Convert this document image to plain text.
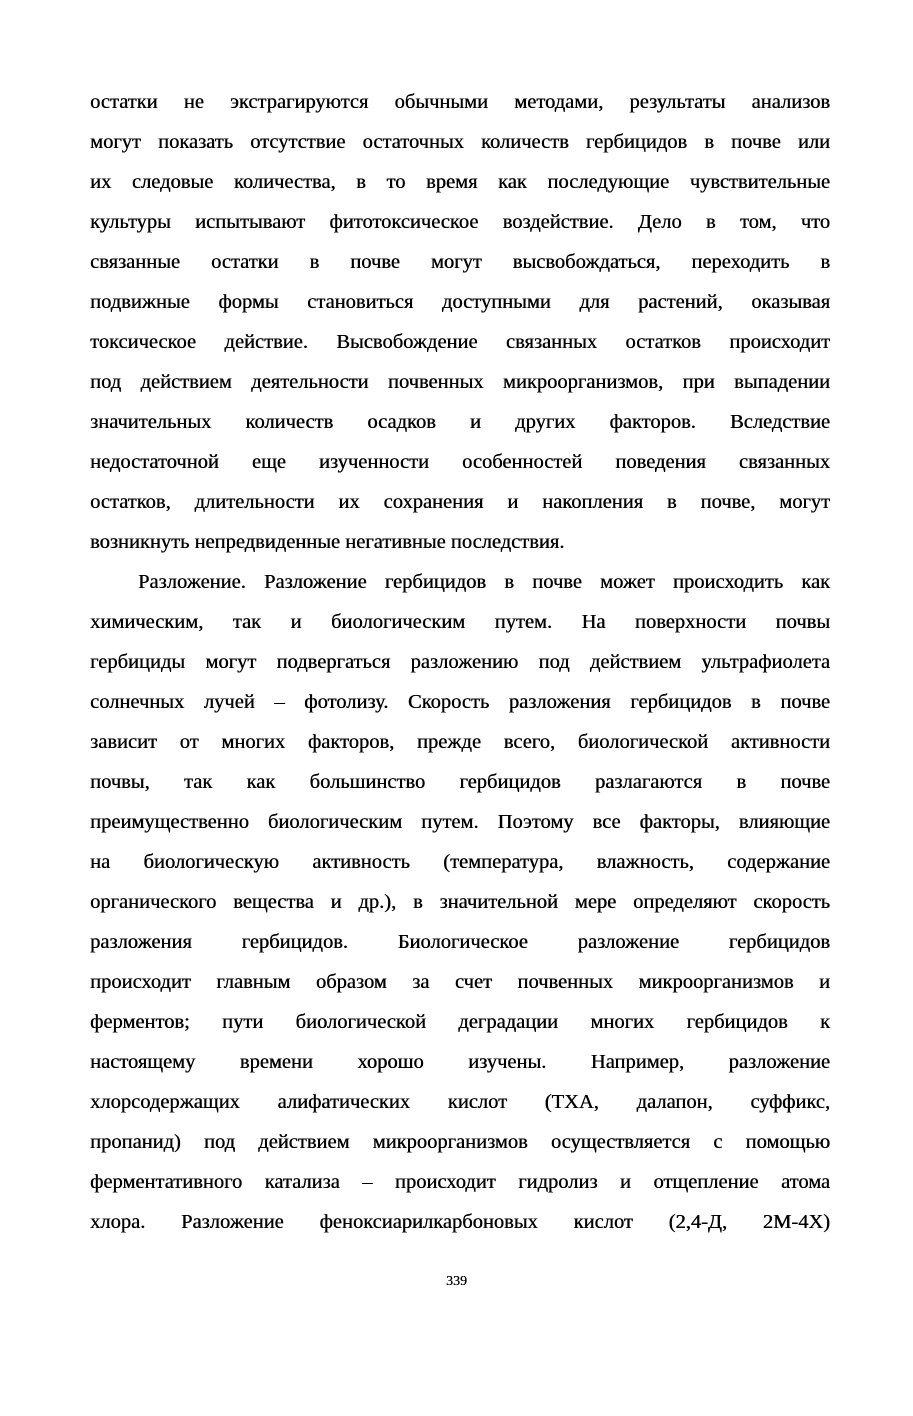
остатки не экстрагируются обычными методами, результаты анализов
могут показать отсутствие остаточных количеств гербицидов в почве или
их следовые количества, в то время как последующие чувствительные
культуры испытывают фитотоксическое воздействие. Дело в том, что
связанные остатки в почве могут высвобождаться, переходить в
подвижные формы становиться доступными для растений, оказывая
токсическое действие. Высвобождение связанных остатков происходит
под действием деятельности почвенных микроорганизмов, при выпадении
значительных количеств осадков и других факторов. Вследствие
недостаточной еще изученности особенностей поведения связанных
остатков, длительности их сохранения и накопления в почве, могут
возникнуть непредвиденные негативные последствия.
Разложение. Разложение гербицидов в почве может происходить как
химическим, так и биологическим путем. На поверхности почвы
гербициды могут подвергаться разложению под действием ультрафиолета
солнечных лучей – фотолизу. Скорость разложения гербицидов в почве
зависит от многих факторов, прежде всего, биологической активности
почвы, так как большинство гербицидов разлагаются в почве
преимущественно биологическим путем. Поэтому все факторы, влияющие
на биологическую активность (температура, влажность, содержание
органического вещества и др.), в значительной мере определяют скорость
разложения гербицидов. Биологическое разложение гербицидов
происходит главным образом за счет почвенных микроорганизмов и
ферментов; пути биологической деградации многих гербицидов к
настоящему времени хорошо изучены. Например, разложение
хлорсодержащих алифатических кислот (ТХА, далапон, суффикс,
пропанид) под действием микроорганизмов осуществляется с помощью
ферментативного катализа – происходит гидролиз и отщепление атома
хлора. Разложение феноксиарилкарбоновых кислот (2,4-Д, 2М-4Х)
339
